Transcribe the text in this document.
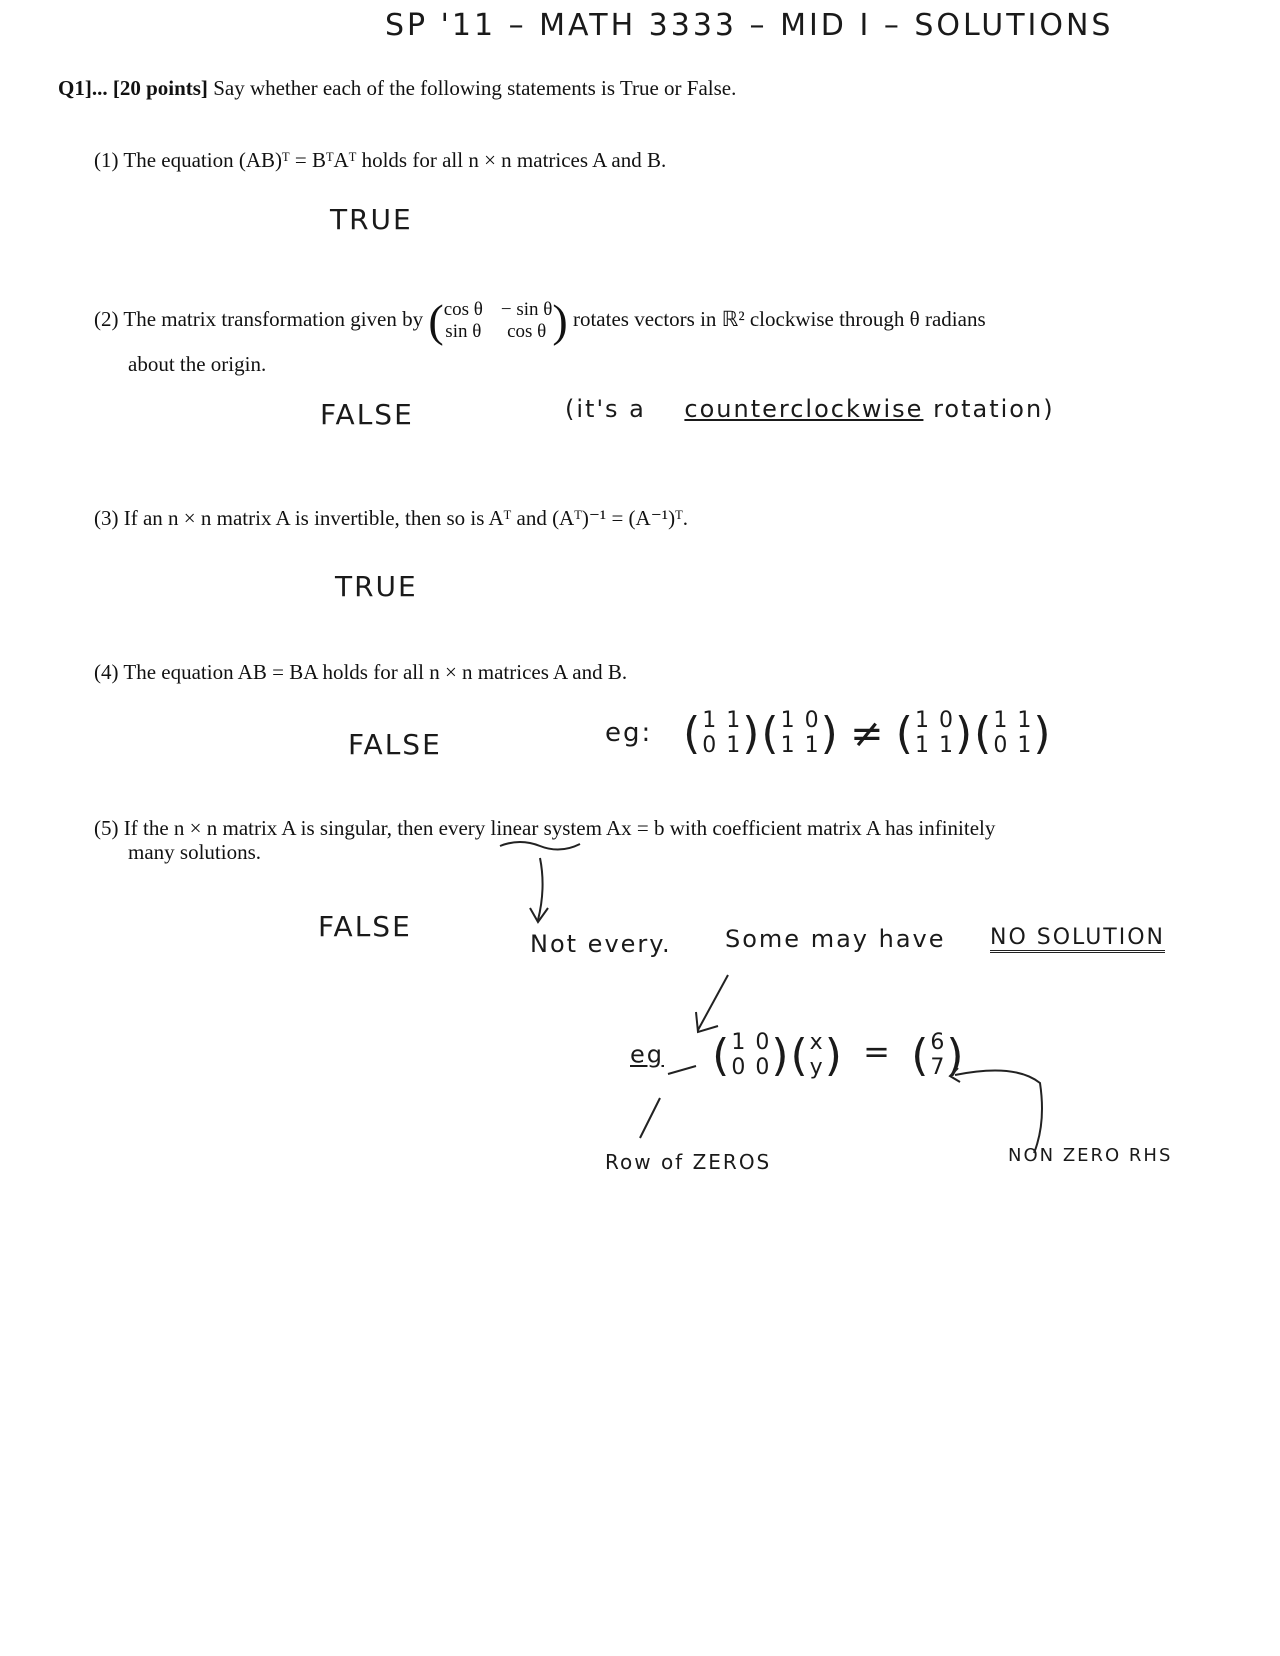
SP '11 – MATH 3333 – MID I – SOLUTIONS
Q1]... [20 points] Say whether each of the following statements is True or False.
(1) The equation (AB)ᵀ = BᵀAᵀ holds for all n × n matrices A and B.
TRUE
(2) The matrix transformation given by ( cos θ − sin θ
sin θ	cos θ ) rotates vectors in ℝ² clockwise through θ radians
about the origin.
FALSE	(it's a counterclockwise rotation)
(3) If an n × n matrix A is invertible, then so is Aᵀ and (Aᵀ)⁻¹ = (A⁻¹)ᵀ.
TRUE
(4) The equation AB = BA holds for all n × n matrices A and B.
FALSE	eg: ( 1 1
0 1 )( 1 0
1 1 ) ≠ ( 1 0
1 1 )( 1 1
0 1 )
(5) If the n × n matrix A is singular, then every linear system Ax = b with coefficient matrix A has infinitely
many solutions.
FALSE
Not every. Some may have NO SOLUTION
eg ( 1 0
0 0 )( x
y ) = ( 6
7 )
Row of ZEROS	NON ZERO RHS
